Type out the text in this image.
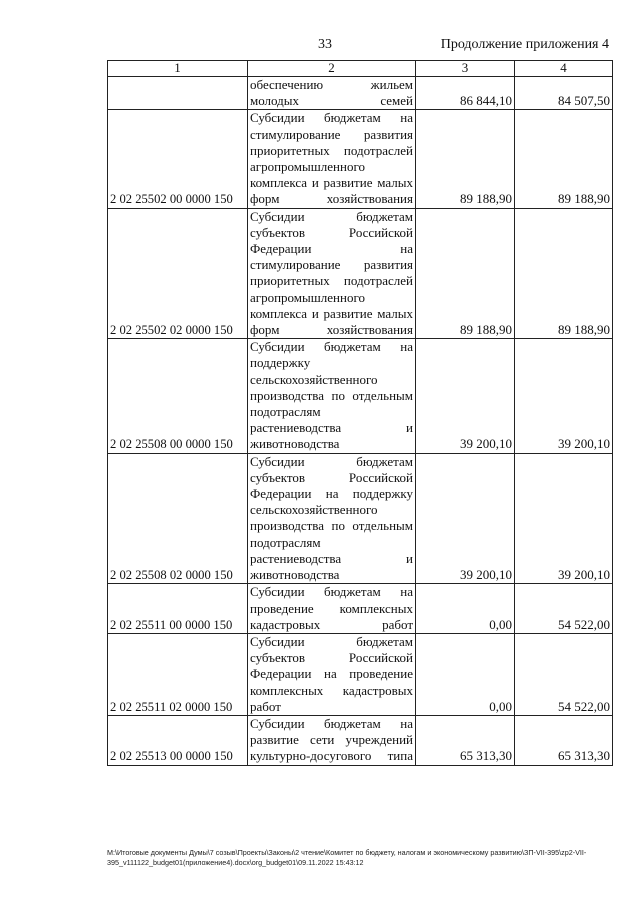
33	Продолжение приложения 4
1	2	3	4
	обеспечению жильем молодых семей	86 844,10	84 507,50
2 02 25502 00 0000 150	Субсидии бюджетам на стимулирование развития приоритетных подотраслей агропромышленного комплекса и развитие малых форм хозяйствования	89 188,90	89 188,90
2 02 25502 02 0000 150	Субсидии бюджетам субъектов Российской Федерации на стимулирование развития приоритетных подотраслей агропромышленного комплекса и развитие малых форм хозяйствования	89 188,90	89 188,90
2 02 25508 00 0000 150	Субсидии бюджетам на поддержку сельскохозяйственного производства по отдельным подотраслям растениеводства и животноводства	39 200,10	39 200,10
2 02 25508 02 0000 150	Субсидии бюджетам субъектов Российской Федерации на поддержку сельскохозяйственного производства по отдельным подотраслям растениеводства и животноводства	39 200,10	39 200,10
2 02 25511 00 0000 150	Субсидии бюджетам на проведение комплексных кадастровых работ	0,00	54 522,00
2 02 25511 02 0000 150	Субсидии бюджетам субъектов Российской Федерации на проведение комплексных кадастровых работ	0,00	54 522,00
2 02 25513 00 0000 150	Субсидии бюджетам на развитие сети учреждений культурно-досугового типа	65 313,30	65 313,30
М:\Итоговые документы Думы\7 созыв\Проекты\Законы\2 чтение\Комитет по бюджету, налогам и экономическому развитию\ЗП-VII-395\zp2-VII-395_v111122_budget01(приложение4).docx\org_budget01\09.11.2022 15:43:12
